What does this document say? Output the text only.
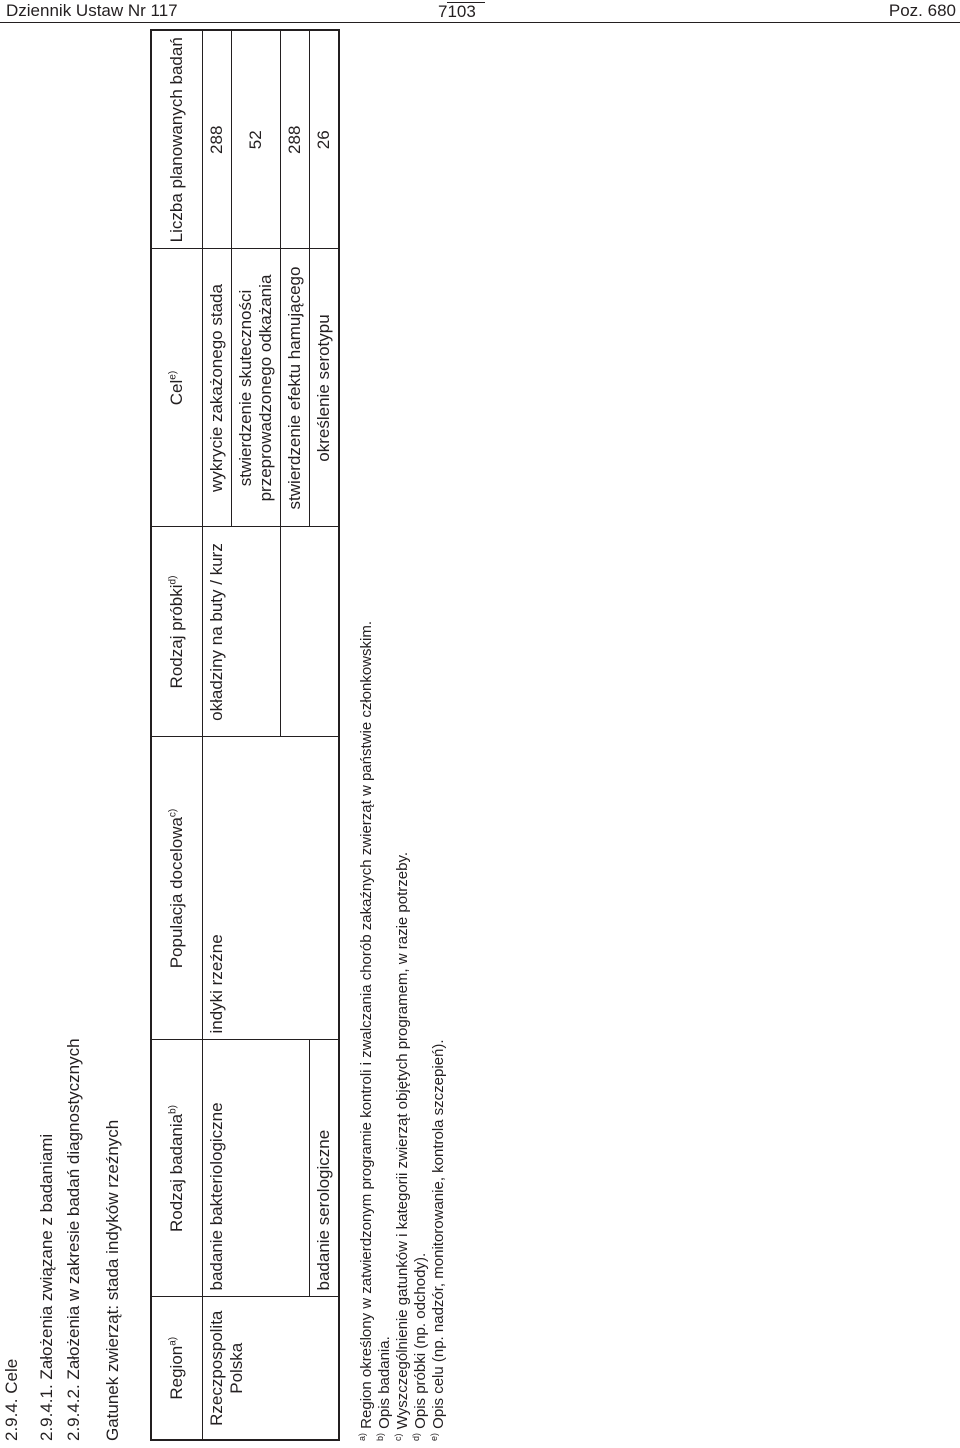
Dziennik Ustaw Nr 117	7103	Poz. 680
2.9.4. Cele 2.9.4.1. Założenia związane z badaniami 2.9.4.2. Założenia w zakresie badań diagnostycznych Gatunek zwierząt: stada indyków rzeźnych	Region$^{a)}$	Rodzaj badania$^{b)}$	Populacja docelowa$^{c)}$	Rodzaj próbki$^{d)}$	Cel$^{e)}$	Liczba planowanych badań
Rzeczpospolita Polska	badanie bakteriologiczne	indyki rzeźne	okładziny na buty / kurz	wykrycie zakażonego stada	288
				stwierdzenie skuteczności przeprowadzonego odkażania	52
				stwierdzenie efektu hamującego	288
	badanie serologiczne			określenie serotypu	26
$^{a)}$ Region określony w zatwierdzonym programie kontroli i zwalczania chorób zakaźnych zwierząt w państwie członkowskim.
$^{b)}$ Opis badania.
$^{c)}$ Wyszczególnienie gatunków i kategorii zwierząt objętych programem, w razie potrzeby.
$^{d)}$ Opis próbki (np. odchody).
$^{e)}$ Opis celu (np. nadzór, monitorowanie, kontrola szczepień).
